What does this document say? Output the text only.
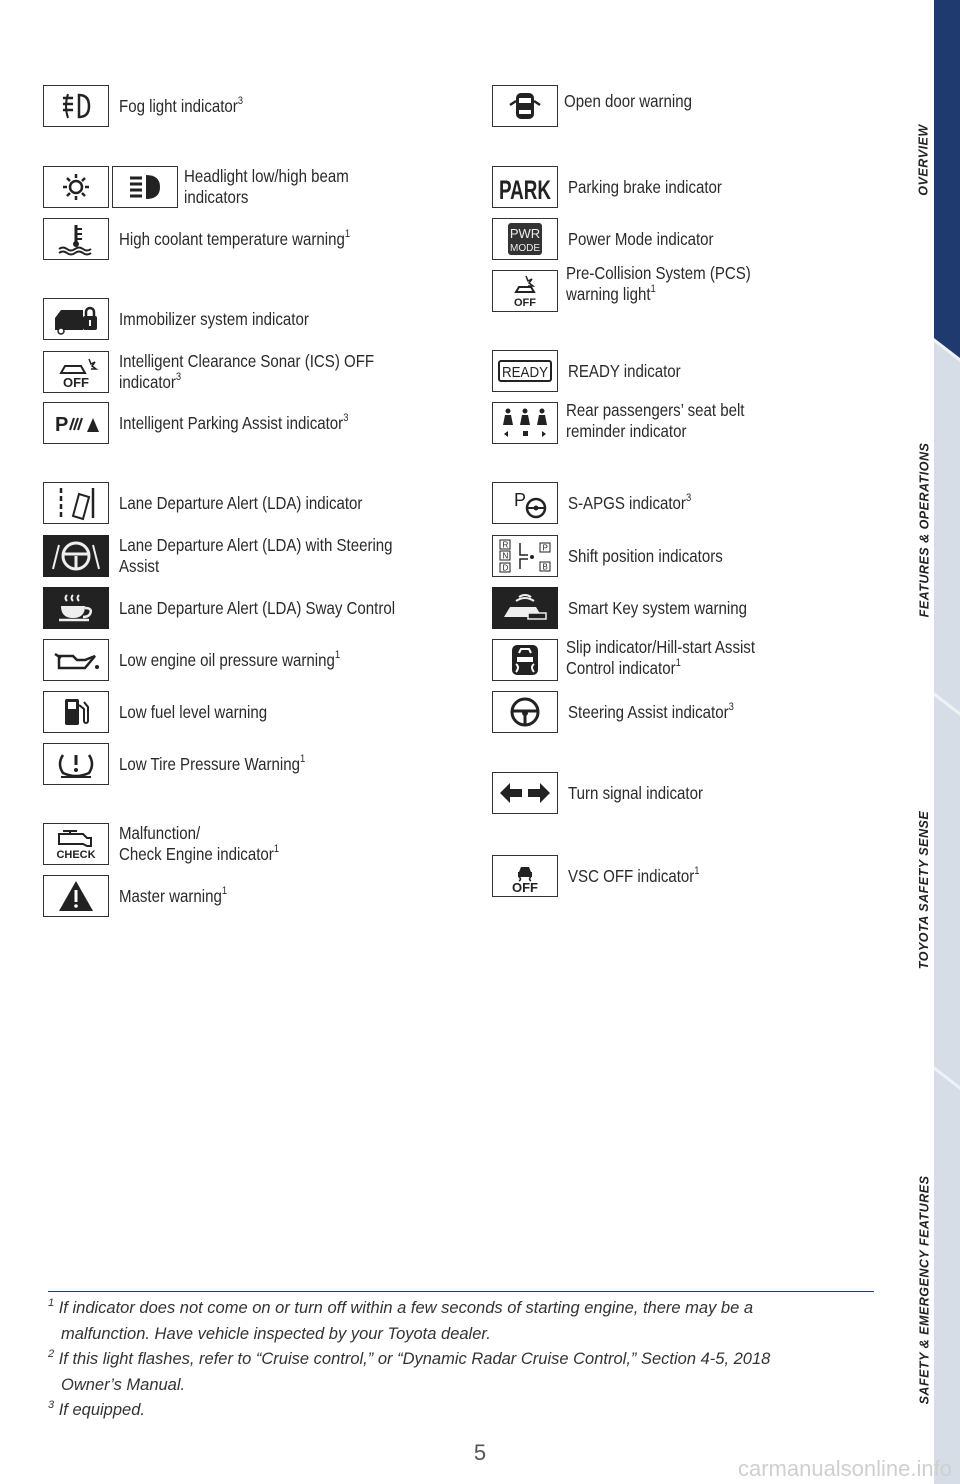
Fog light indicator$^3$
Headlight low/high beam
indicators
High coolant temperature warning$^1$
Immobilizer system indicator
OFF
Intelligent Clearance Sonar (ICS) OFF
indicator$^3$
P	Intelligent Parking Assist indicator$^3$
Lane Departure Alert (LDA) indicator
Lane Departure Alert (LDA) with Steering
Assist
Lane Departure Alert (LDA) Sway Control
Low engine oil pressure warning$^1$
Low fuel level warning
Low Tire Pressure Warning$^1$
CHECK
Malfunction/
Check Engine indicator$^1$
Master warning$^1$
Open door warning
PARK Parking brake indicator
PWR
MODE Power Mode indicator
OFF
Pre-Collision System (PCS)
warning light$^1$
READY READY indicator
Rear passengers’ seat belt
reminder indicator
P S-APGS indicator$^3$
R
N
D
P
B
Shift position indicators
Smart Key system warning
Slip indicator/Hill-start Assist
Control indicator$^1$
Steering Assist indicator$^3$
Turn signal indicator
OFF
VSC OFF indicator$^1$
OVERVIEW
FEATURES & OPERATIONS
TOYOTA SAFETY SENSE
SAFETY & EMERGENCY FEATURES

$^1$ If indicator does not come on or turn off within a few seconds of starting engine, there may be a
malfunction. Have vehicle inspected by your Toyota dealer.

$^2$ If this light flashes, refer to “Cruise control,” or “Dynamic Radar Cruise Control,” Section 4-5, 2018
Owner’s Manual.

$^3$ If equipped.

5
carmanualsonline.info
